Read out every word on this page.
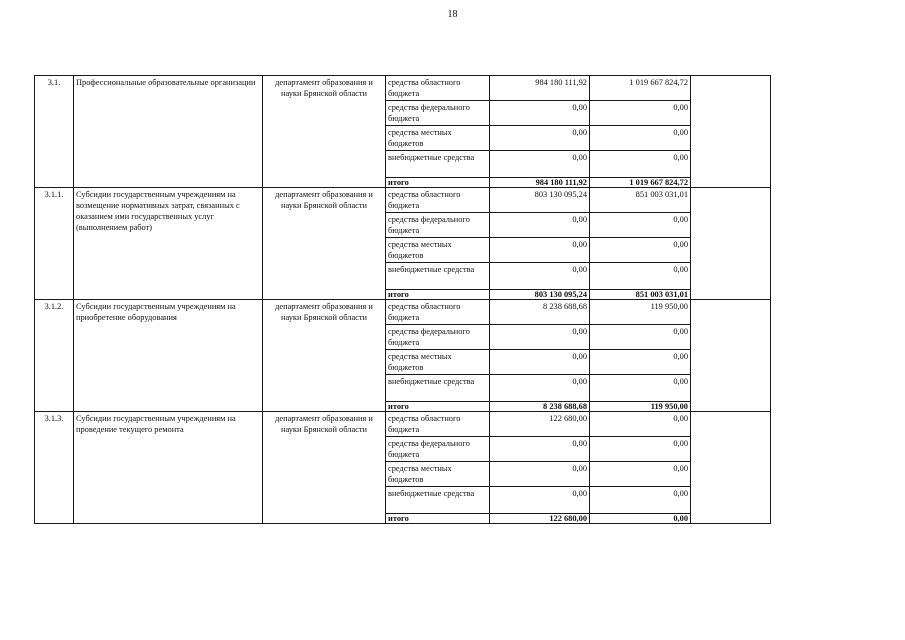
18
3.1.	Профессиональные образовательные организации	департамент образования и науки Брянской области	средства областного бюджета	984 180 111,92	1 019 667 824,72	
			средства федерального бюджета	0,00	0,00	
			средства местных бюджетов	0,00	0,00	
			внебюджетные средства	0,00	0,00	
			итого	984 180 111,92	1 019 667 824,72	
3.1.1.	Субсидии государственным учреждениям на возмещение нормативных затрат, связанных с оказанием ими государственных услуг (выполнением работ)	департамент образования и науки Брянской области	средства областного бюджета	803 130 095,24	851 003 031,01	
			средства федерального бюджета	0,00	0,00	
			средства местных бюджетов	0,00	0,00	
			внебюджетные средства	0,00	0,00	
			итого	803 130 095,24	851 003 031,01	
3.1.2.	Субсидии государственным учреждениям на приобретение оборудования	департамент образования и науки Брянской области	средства областного бюджета	8 238 688,68	119 950,00	
			средства федерального бюджета	0,00	0,00	
			средства местных бюджетов	0,00	0,00	
			внебюджетные средства	0,00	0,00	
			итого	8 238 688,68	119 950,00	
3.1.3.	Субсидии государственным учреждениям на проведение текущего ремонта	департамент образования и науки Брянской области	средства областного бюджета	122 680,00	0,00	
			средства федерального бюджета	0,00	0,00	
			средства местных бюджетов	0,00	0,00	
			внебюджетные средства	0,00	0,00	
			итого	122 680,00	0,00	
